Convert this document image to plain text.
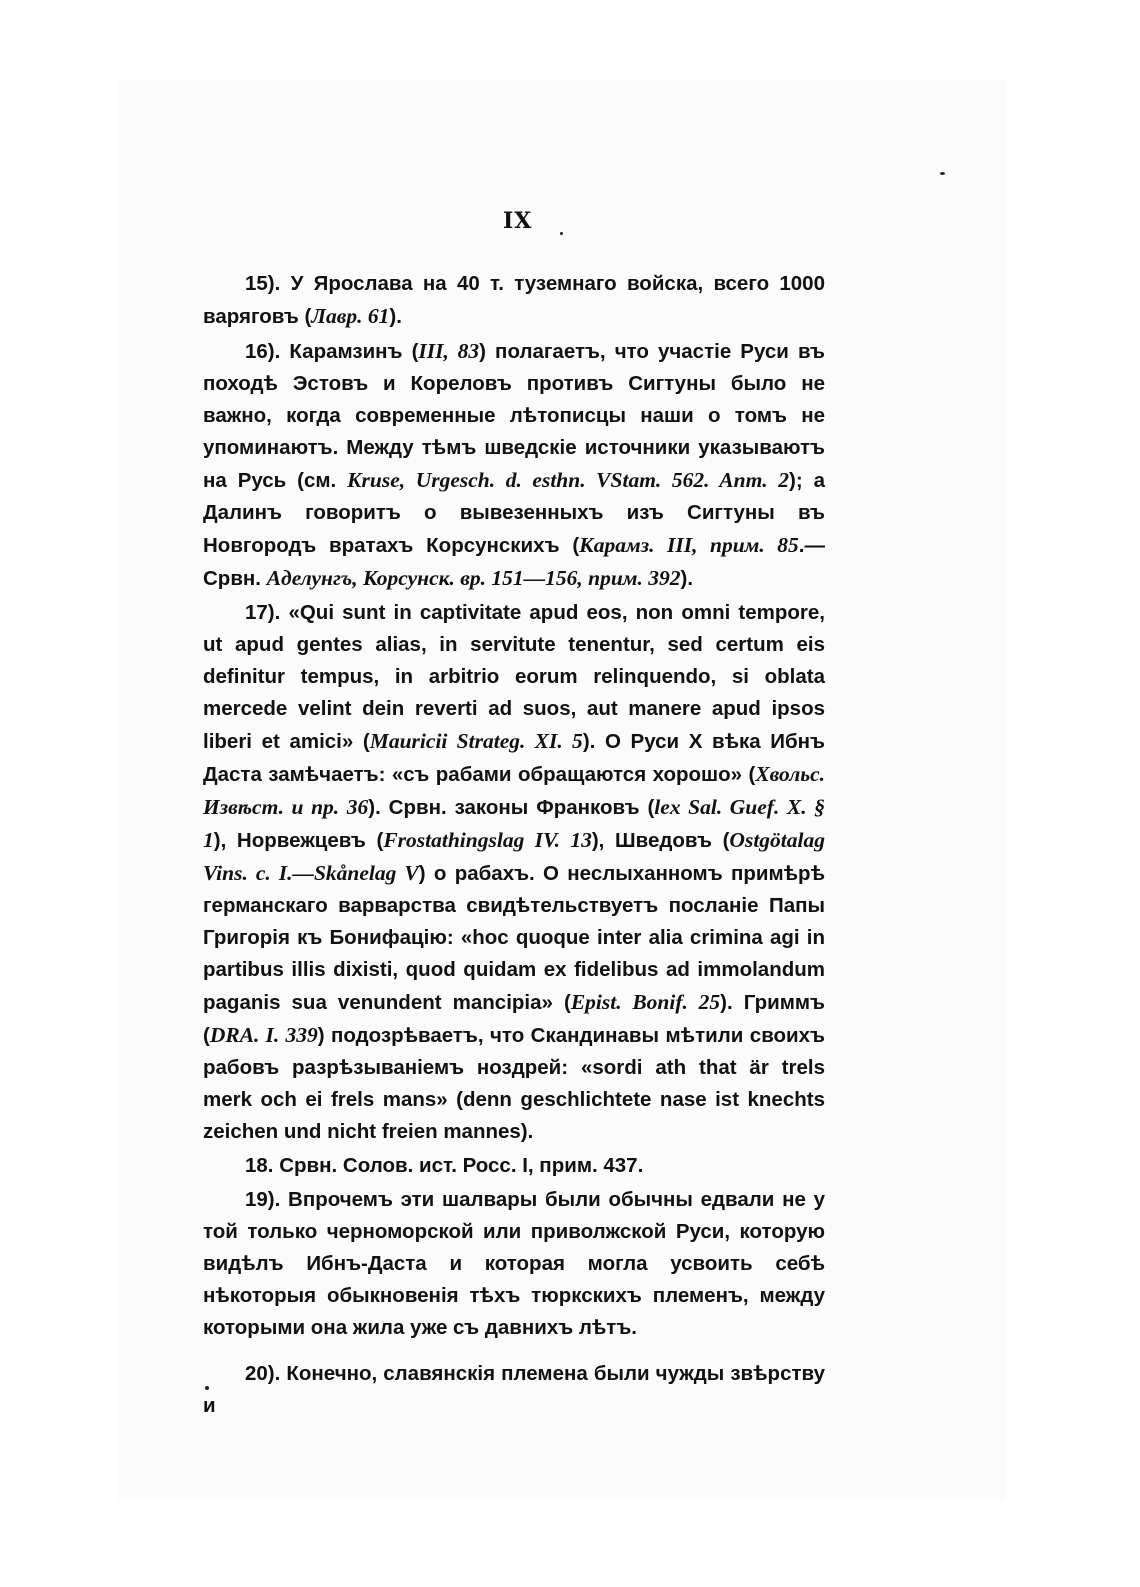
IX

15). У Ярослава на 40 т. туземнаго войска, всего 1000 варяговъ (Лавр. 61).

16). Карамзинъ (III, 83) полагаетъ, что участіе Руси въ походѣ Эстовъ и Кореловъ противъ Сигтуны было не важно, когда современные лѣтописцы наши о томъ не упоминаютъ. Между тѣмъ шведскіе источники указываютъ на Русь (см. Kruse, Urgesch. d. esthn. VStam. 562. Anm. 2); а Далинъ говоритъ о вывезенныхъ изъ Сигтуны въ Новгородъ вратахъ Корсунскихъ (Карамз. III, прим. 85.—Срвн. Аделунгъ, Корсунск. вр. 151—156, прим. 392).

17). «Qui sunt in captivitate apud eos, non omni tempore, ut apud gentes alias, in servitute tenentur, sed certum eis definitur tempus, in arbitrio eorum relinquendo, si oblata mercede velint dein reverti ad suos, aut manere apud ipsos liberi et amici» (Mauricii Strateg. XI. 5). О Руси X вѣка Ибнъ Даста замѣчаетъ: «съ рабами обращаются хорошо» (Хвольс. Извѣст. и пр. 36). Срвн. законы Франковъ (lex Sal. Guef. X. § 1), Норвежцевъ (Frostathingslag IV. 13), Шведовъ (Ostgötalag Vins. c. I.—Skånelag V) о рабахъ. О неслыханномъ примѣрѣ германскаго варварства свидѣтельствуетъ посланіе Папы Григорія къ Бонифацію: «hoc quoque inter alia crimina agi in partibus illis dixisti, quod quidam ex fidelibus ad immolandum paganis sua venundent mancipia» (Epist. Bonif. 25). Гриммъ (DRA. I. 339) подозрѣваетъ, что Скандинавы мѣтили своихъ рабовъ разрѣзываніемъ ноздрей: «sordi ath that är trels merk och ei frels mans» (denn geschlichtete nase ist knechts zeichen und nicht freien mannes).

18. Срвн. Солов. ист. Росс. I, прим. 437.

19). Впрочемъ эти шалвары были обычны едвали не у той только черноморской или приволжской Руси, которую видѣлъ Ибнъ-Даста и которая могла усвоить себѣ нѣкоторыя обыкновенія тѣхъ тюркскихъ племенъ, между которыми она жила уже съ давнихъ лѣтъ.

20). Конечно, славянскія племена были чужды звѣрству и
